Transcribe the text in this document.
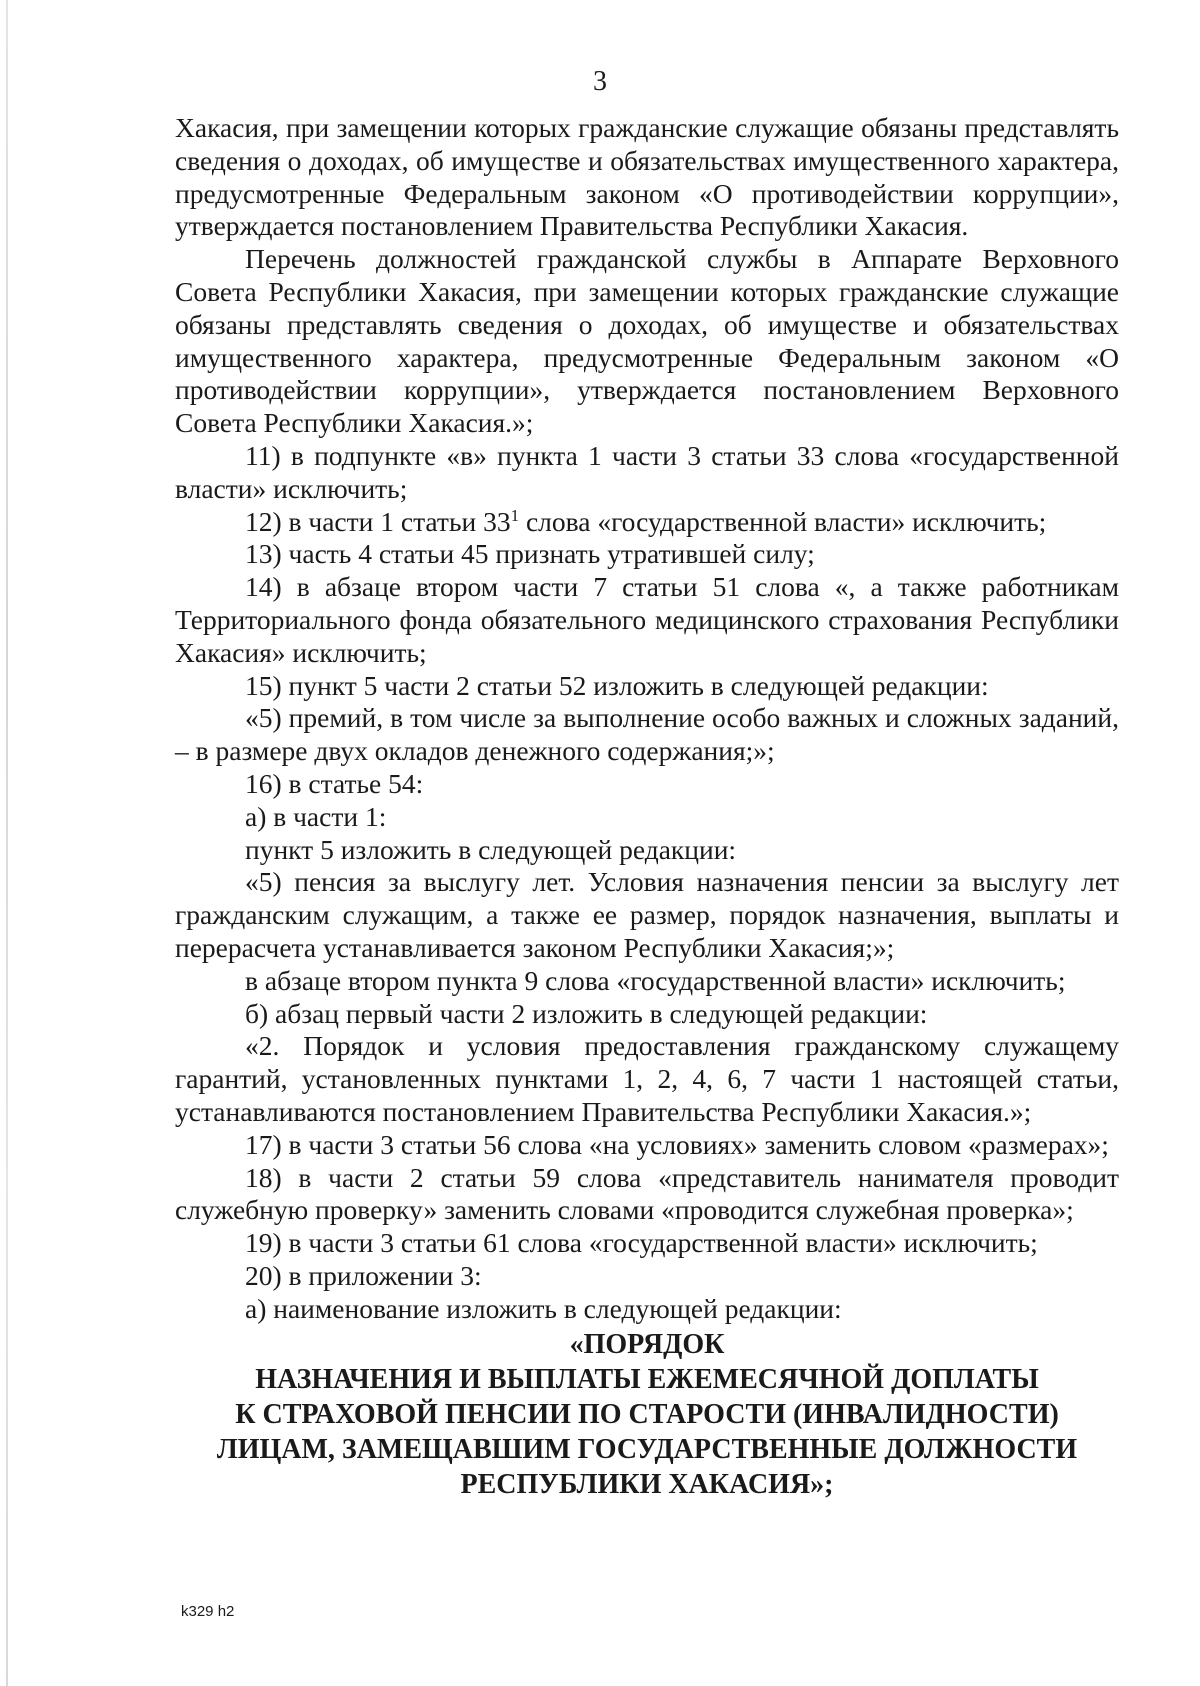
3

Хакасия, при замещении которых гражданские служащие обязаны представлять сведения о доходах, об имуществе и обязательствах имущественного характера, предусмотренные Федеральным законом «О противодействии коррупции», утверждается постановлением Правительства Республики Хакасия.

Перечень должностей гражданской службы в Аппарате Верховного Совета Республики Хакасия, при замещении которых гражданские служащие обязаны представлять сведения о доходах, об имуществе и обязательствах имущественного характера, предусмотренные Федеральным законом «О противодействии коррупции», утверждается постановлением Верховного Совета Республики Хакасия.»;

11) в подпункте «в» пункта 1 части 3 статьи 33 слова «государственной власти» исключить;

12) в части 1 статьи $33^1$ слова «государственной власти» исключить;

13) часть 4 статьи 45 признать утратившей силу;

14) в абзаце втором части 7 статьи 51 слова «, а также работникам Территориального фонда обязательного медицинского страхования Республики Хакасия» исключить;

15) пункт 5 части 2 статьи 52 изложить в следующей редакции:

«5) премий, в том числе за выполнение особо важных и сложных заданий, – в размере двух окладов денежного содержания;»;

16) в статье 54:

а) в части 1:

пункт 5 изложить в следующей редакции:

«5) пенсия за выслугу лет. Условия назначения пенсии за выслугу лет гражданским служащим, а также ее размер, порядок назначения, выплаты и перерасчета устанавливается законом Республики Хакасия;»;

в абзаце втором пункта 9 слова «государственной власти» исключить;

б) абзац первый части 2 изложить в следующей редакции:

«2. Порядок и условия предоставления гражданскому служащему гарантий, установленных пунктами 1, 2, 4, 6, 7 части 1 настоящей статьи, устанавливаются постановлением Правительства Республики Хакасия.»;

17) в части 3 статьи 56 слова «на условиях» заменить словом «размерах»;

18) в части 2 статьи 59 слова «представитель нанимателя проводит служебную проверку» заменить словами «проводится служебная проверка»;

19) в части 3 статьи 61 слова «государственной власти» исключить;

20) в приложении 3:

а) наименование изложить в следующей редакции:

«ПОРЯДОК

НАЗНАЧЕНИЯ И ВЫПЛАТЫ ЕЖЕМЕСЯЧНОЙ ДОПЛАТЫ

К СТРАХОВОЙ ПЕНСИИ ПО СТАРОСТИ (ИНВАЛИДНОСТИ)

ЛИЦАМ, ЗАМЕЩАВШИМ ГОСУДАРСТВЕННЫЕ ДОЛЖНОСТИ

РЕСПУБЛИКИ ХАКАСИЯ»;

k329 h2
